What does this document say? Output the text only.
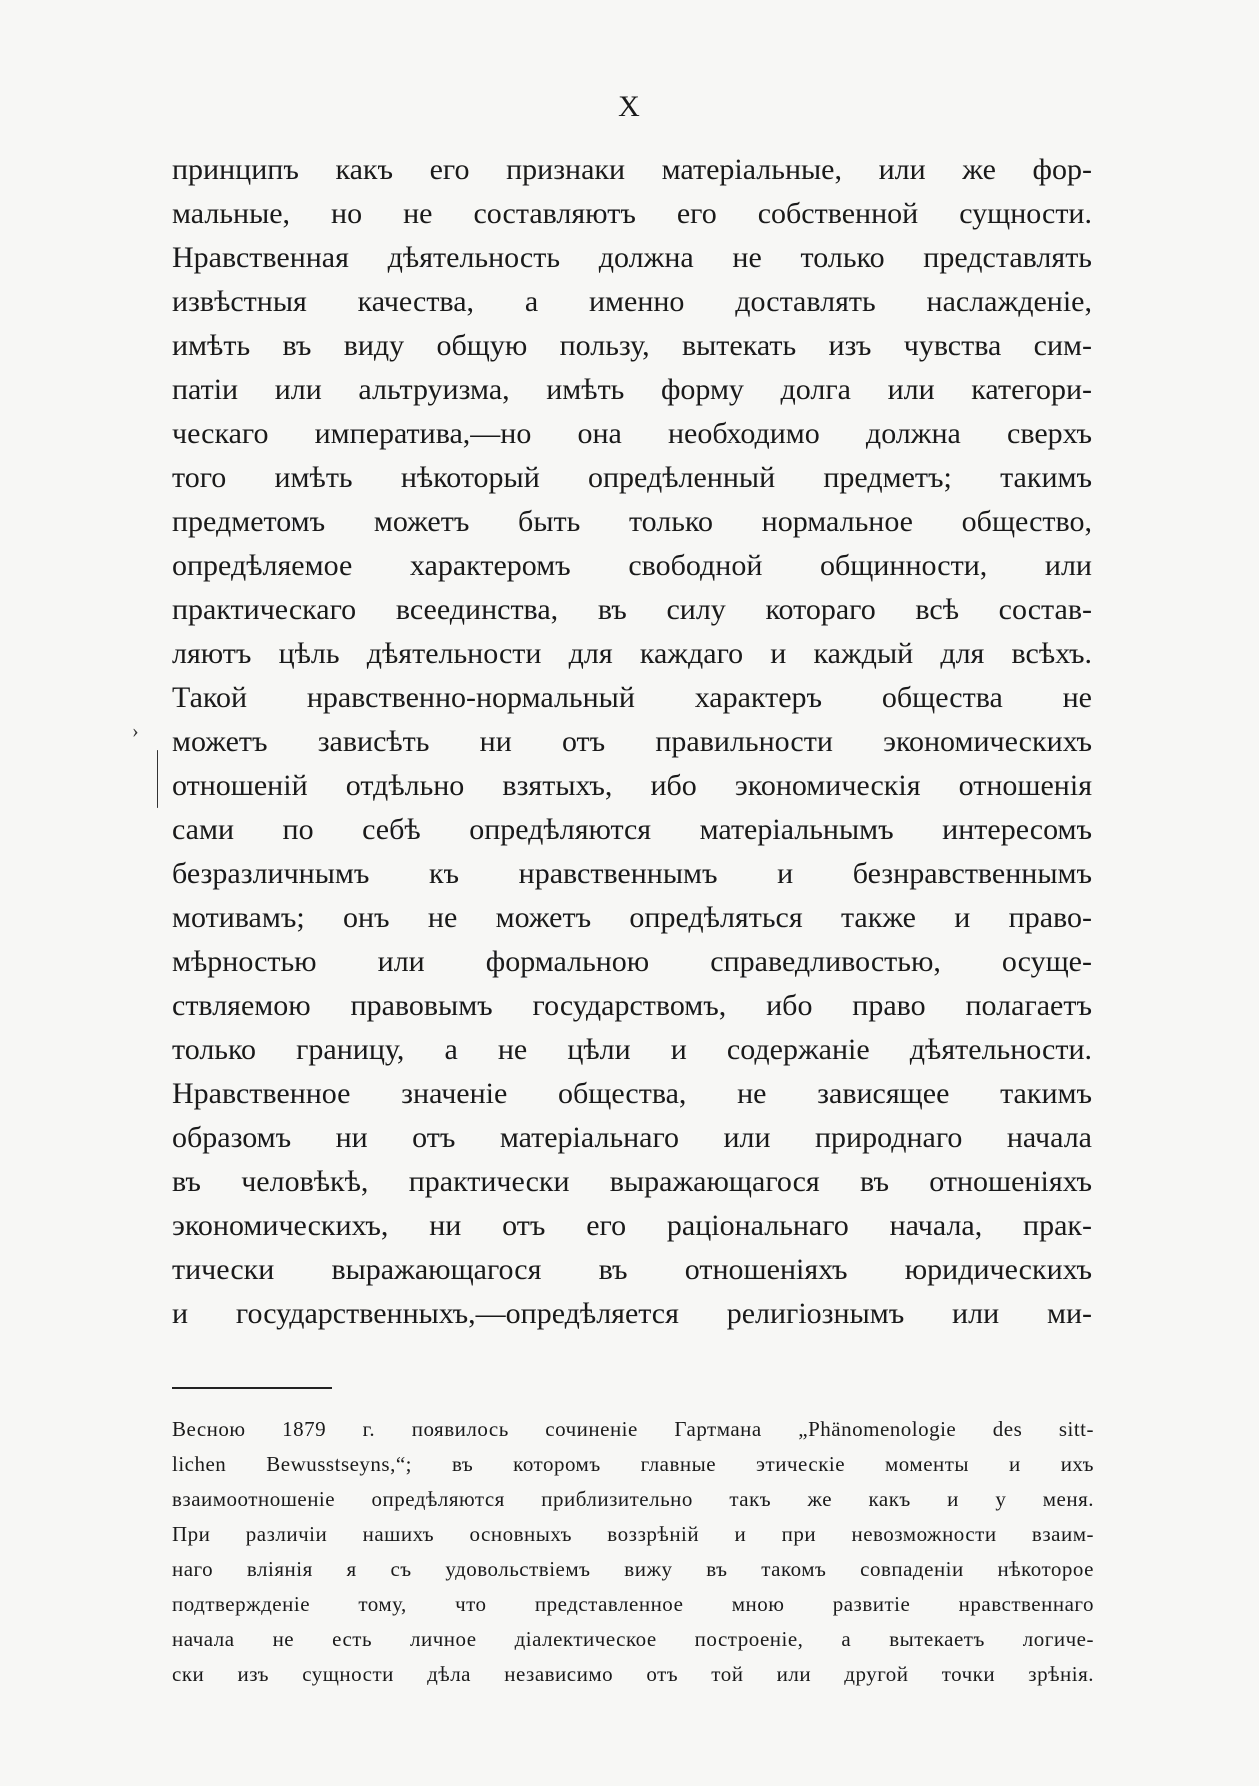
X
›
принципъ какъ его признаки матеріальные, или же фор-
мальные, но не составляютъ его собственной сущности.
Нравственная дѣятельность должна не только представлять
извѣстныя качества, а именно доставлять наслажденіе,
имѣть въ виду общую пользу, вытекать изъ чувства сим-
патіи или альтруизма, имѣть форму долга или категори-
ческаго императива,—но она необходимо должна сверхъ
того имѣть нѣкоторый опредѣленный предметъ; такимъ
предметомъ можетъ быть только нормальное общество,
опредѣляемое характеромъ свободной общинности, или
практическаго всеединства, въ силу котораго всѣ состав-
ляютъ цѣль дѣятельности для каждаго и каждый для всѣхъ.
Такой нравственно-нормальный характеръ общества не
можетъ зависѣть ни отъ правильности экономическихъ
отношеній отдѣльно взятыхъ, ибо экономическія отношенія
сами по себѣ опредѣляются матеріальнымъ интересомъ
безразличнымъ къ нравственнымъ и безнравственнымъ
мотивамъ; онъ не можетъ опредѣляться также и право-
мѣрностью или формальною справедливостью, осуще-
ствляемою правовымъ государствомъ, ибо право полагаетъ
только границу, а не цѣли и содержаніе дѣятельности.
Нравственное значеніе общества, не зависящее такимъ
образомъ ни отъ матеріальнаго или природнаго начала
въ человѣкѣ, практически выражающагося въ отношеніяхъ
экономическихъ, ни отъ его раціональнаго начала, прак-
тически выражающагося въ отношеніяхъ юридическихъ
и государственныхъ,—опредѣляется религіознымъ или ми-
Весною 1879 г. появилось сочиненіе Гартмана „Phänomenologie des sitt-
lichen Bewusstseyns,“; въ которомъ главные этическіе моменты и ихъ
взаимоотношеніе опредѣляются приблизительно такъ же какъ и у меня.
При различіи нашихъ основныхъ воззрѣній и при невозможности взаим-
наго вліянія я съ удовольствіемъ вижу въ такомъ совпаденіи нѣкоторое
подтвержденіе тому, что представленное мною развитіе нравственнаго
начала не есть личное діалектическое построеніе, а вытекаетъ логиче-
ски изъ сущности дѣла независимо отъ той или другой точки зрѣнія.
